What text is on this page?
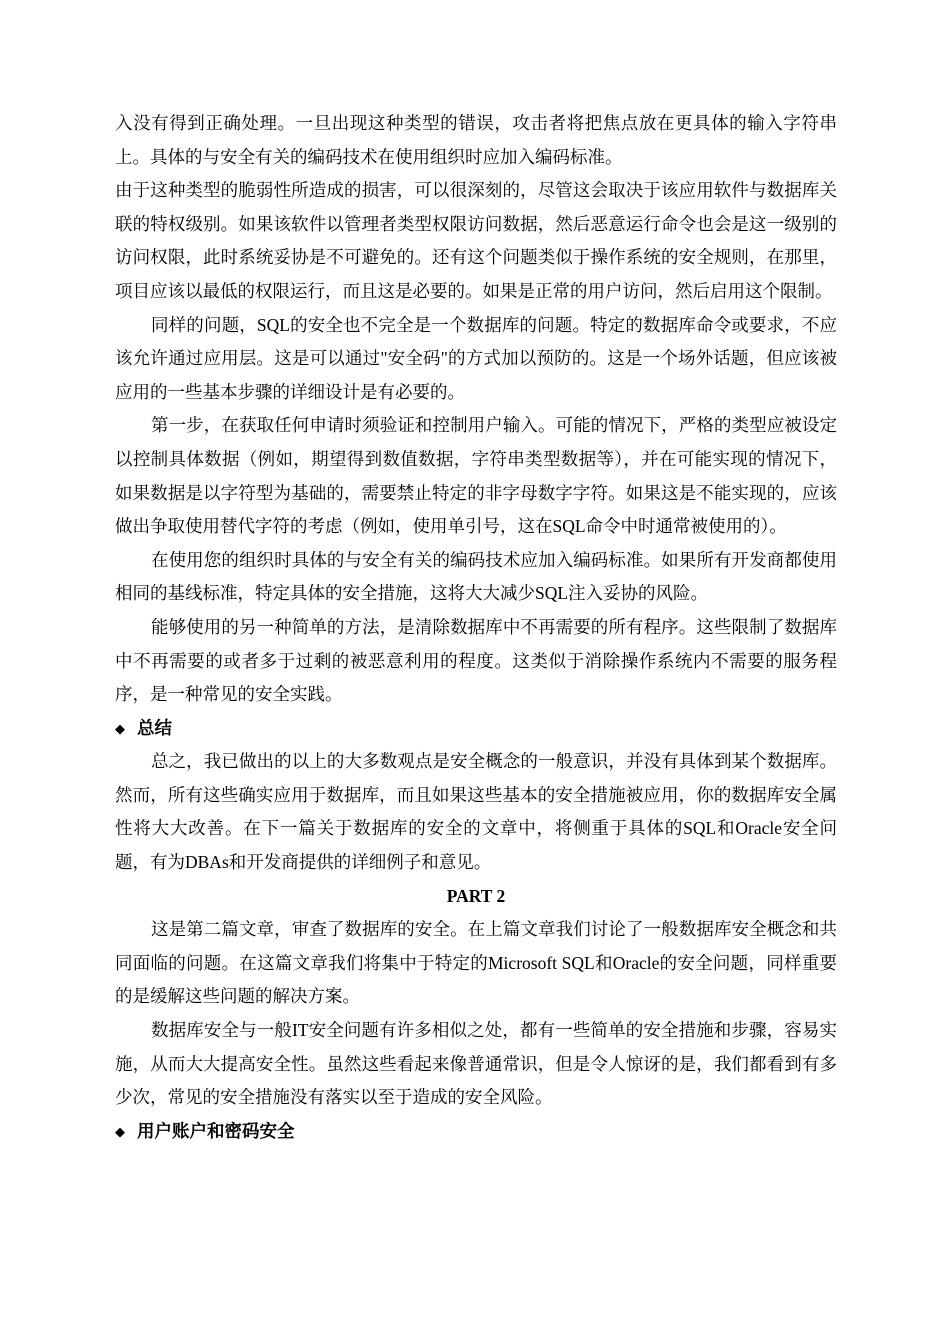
入没有得到正确处理。一旦出现这种类型的错误，攻击者将把焦点放在更具体的输入字符串上。具体的与安全有关的编码技术在使用组织时应加入编码标准。

由于这种类型的脆弱性所造成的损害，可以很深刻的，尽管这会取决于该应用软件与数据库关联的特权级别。如果该软件以管理者类型权限访问数据，然后恶意运行命令也会是这一级别的访问权限，此时系统妥协是不可避免的。还有这个问题类似于操作系统的安全规则，在那里，项目应该以最低的权限运行，而且这是必要的。如果是正常的用户访问，然后启用这个限制。

同样的问题，SQL的安全也不完全是一个数据库的问题。特定的数据库命令或要求，不应该允许通过应用层。这是可以通过"安全码"的方式加以预防的。这是一个场外话题，但应该被应用的一些基本步骤的详细设计是有必要的。

第一步，在获取任何申请时须验证和控制用户输入。可能的情况下，严格的类型应被设定以控制具体数据（例如，期望得到数值数据，字符串类型数据等），并在可能实现的情况下，如果数据是以字符型为基础的，需要禁止特定的非字母数字字符。如果这是不能实现的，应该做出争取使用替代字符的考虑（例如，使用单引号，这在SQL命令中时通常被使用的）。

在使用您的组织时具体的与安全有关的编码技术应加入编码标准。如果所有开发商都使用相同的基线标准，特定具体的安全措施，这将大大减少SQL注入妥协的风险。

能够使用的另一种简单的方法，是清除数据库中不再需要的所有程序。这些限制了数据库中不再需要的或者多于过剩的被恶意利用的程度。这类似于消除操作系统内不需要的服务程序，是一种常见的安全实践。

◆ 总结

总之，我已做出的以上的大多数观点是安全概念的一般意识，并没有具体到某个数据库。然而，所有这些确实应用于数据库，而且如果这些基本的安全措施被应用，你的数据库安全属性将大大改善。在下一篇关于数据库的安全的文章中，将侧重于具体的SQL和Oracle安全问题，有为DBAs和开发商提供的详细例子和意见。

PART 2

这是第二篇文章，审查了数据库的安全。在上篇文章我们讨论了一般数据库安全概念和共同面临的问题。在这篇文章我们将集中于特定的Microsoft SQL和Oracle的安全问题，同样重要的是缓解这些问题的解决方案。

数据库安全与一般IT安全问题有许多相似之处，都有一些简单的安全措施和步骤，容易实施，从而大大提高安全性。虽然这些看起来像普通常识，但是令人惊讶的是，我们都看到有多少次，常见的安全措施没有落实以至于造成的安全风险。

◆ 用户账户和密码安全
